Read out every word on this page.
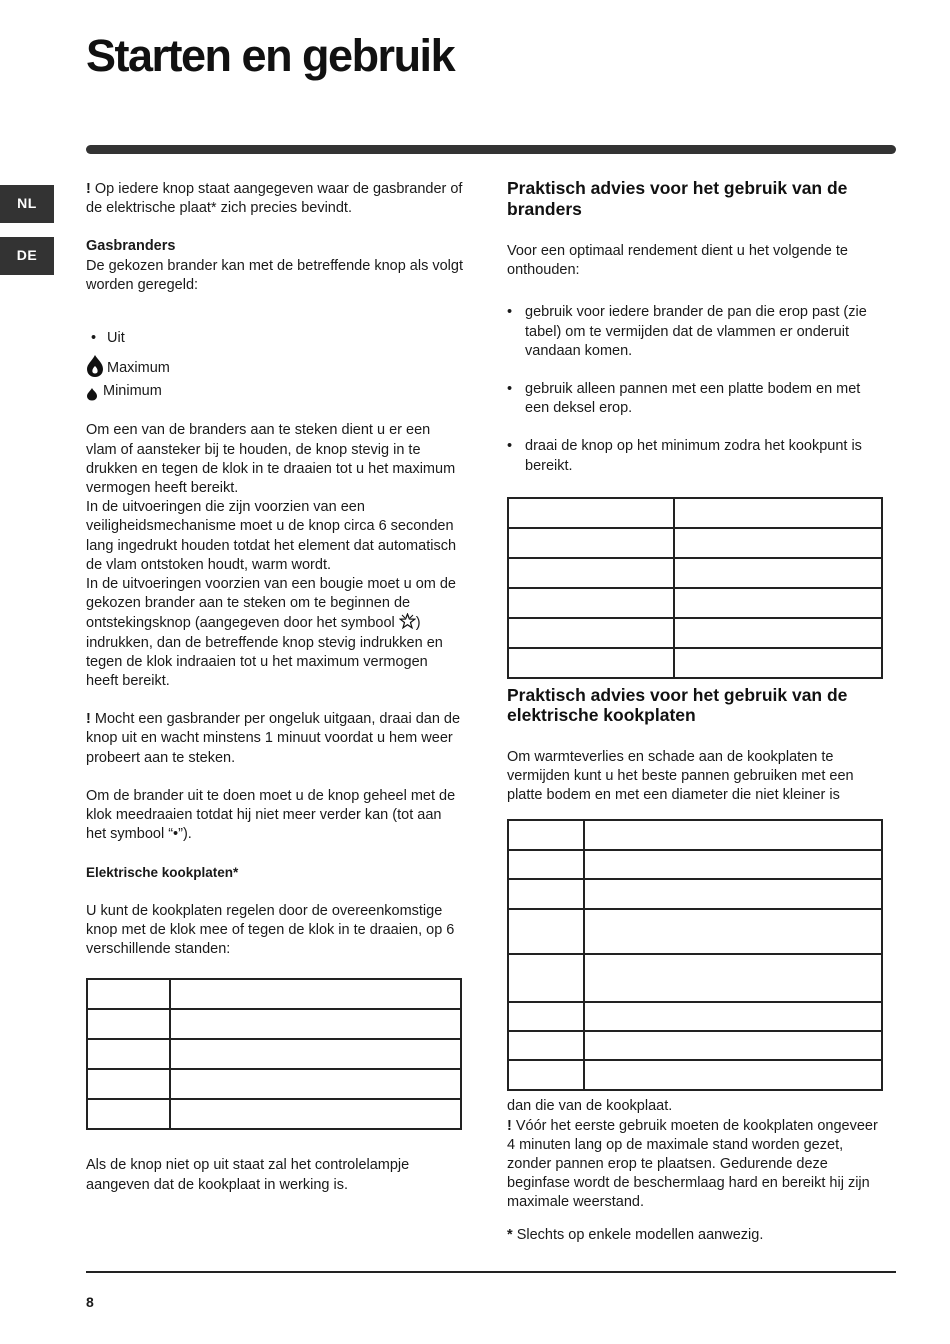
Starten en gebruik
NL
DE

! Op iedere knop staat aangegeven waar de gasbrander of de elektrische plaat* zich precies bevindt.

Gasbranders

De gekozen brander kan met de betreffende knop als volgt worden geregeld:

• Uit
Maximum
Minimum

Om een van de branders aan te steken dient u er een vlam of aansteker bij te houden, de knop stevig in te drukken en tegen de klok in te draaien tot u het maximum vermogen heeft bereikt.

In de uitvoeringen die zijn voorzien van een veiligheidsmechanisme moet u de knop circa 6 seconden lang ingedrukt houden totdat het element dat automatisch de vlam ontstoken houdt, warm wordt.

In de uitvoeringen voorzien van een bougie moet u om de gekozen brander aan te steken om te beginnen de ontstekingsknop (aangegeven door het symbool ) indrukken, dan de betreffende knop stevig indrukken en tegen de klok indraaien tot u het maximum vermogen heeft bereikt.

! Mocht een gasbrander per ongeluk uitgaan, draai dan de knop uit en wacht minstens 1 minuut voordat u hem weer probeert aan te steken.

Om de brander uit te doen moet u de knop geheel met de klok meedraaien totdat hij niet meer verder kan (tot aan het symbool “•”).

Elektrische kookplaten*

U kunt de kookplaten regelen door de overeenkomstige knop met de klok mee of tegen de klok in te draaien, op 6 verschillende standen:

Als de knop niet op uit staat zal het controlelampje aangeven dat de kookplaat in werking is.

Praktisch advies voor het gebruik van de branders

Voor een optimaal rendement dient u het volgende te onthouden:

• gebruik voor iedere brander de pan die erop past (zie tabel) om te vermijden dat de vlammen er onderuit vandaan komen.
• gebruik alleen pannen met een platte bodem en met een deksel erop.
• draai de knop op het minimum zodra het kookpunt is bereikt.

Praktisch advies voor het gebruik van de elektrische kookplaten

Om warmteverlies en schade aan de kookplaten te vermijden kunt u het beste pannen gebruiken met een platte bodem en met een diameter die niet kleiner is

dan die van de kookplaat.

! Vóór het eerste gebruik moeten de kookplaten ongeveer 4 minuten lang op de maximale stand worden gezet, zonder pannen erop te plaatsen. Gedurende deze beginfase wordt de beschermlaag hard en bereikt hij zijn maximale weerstand.

* Slechts op enkele modellen aanwezig.

8
